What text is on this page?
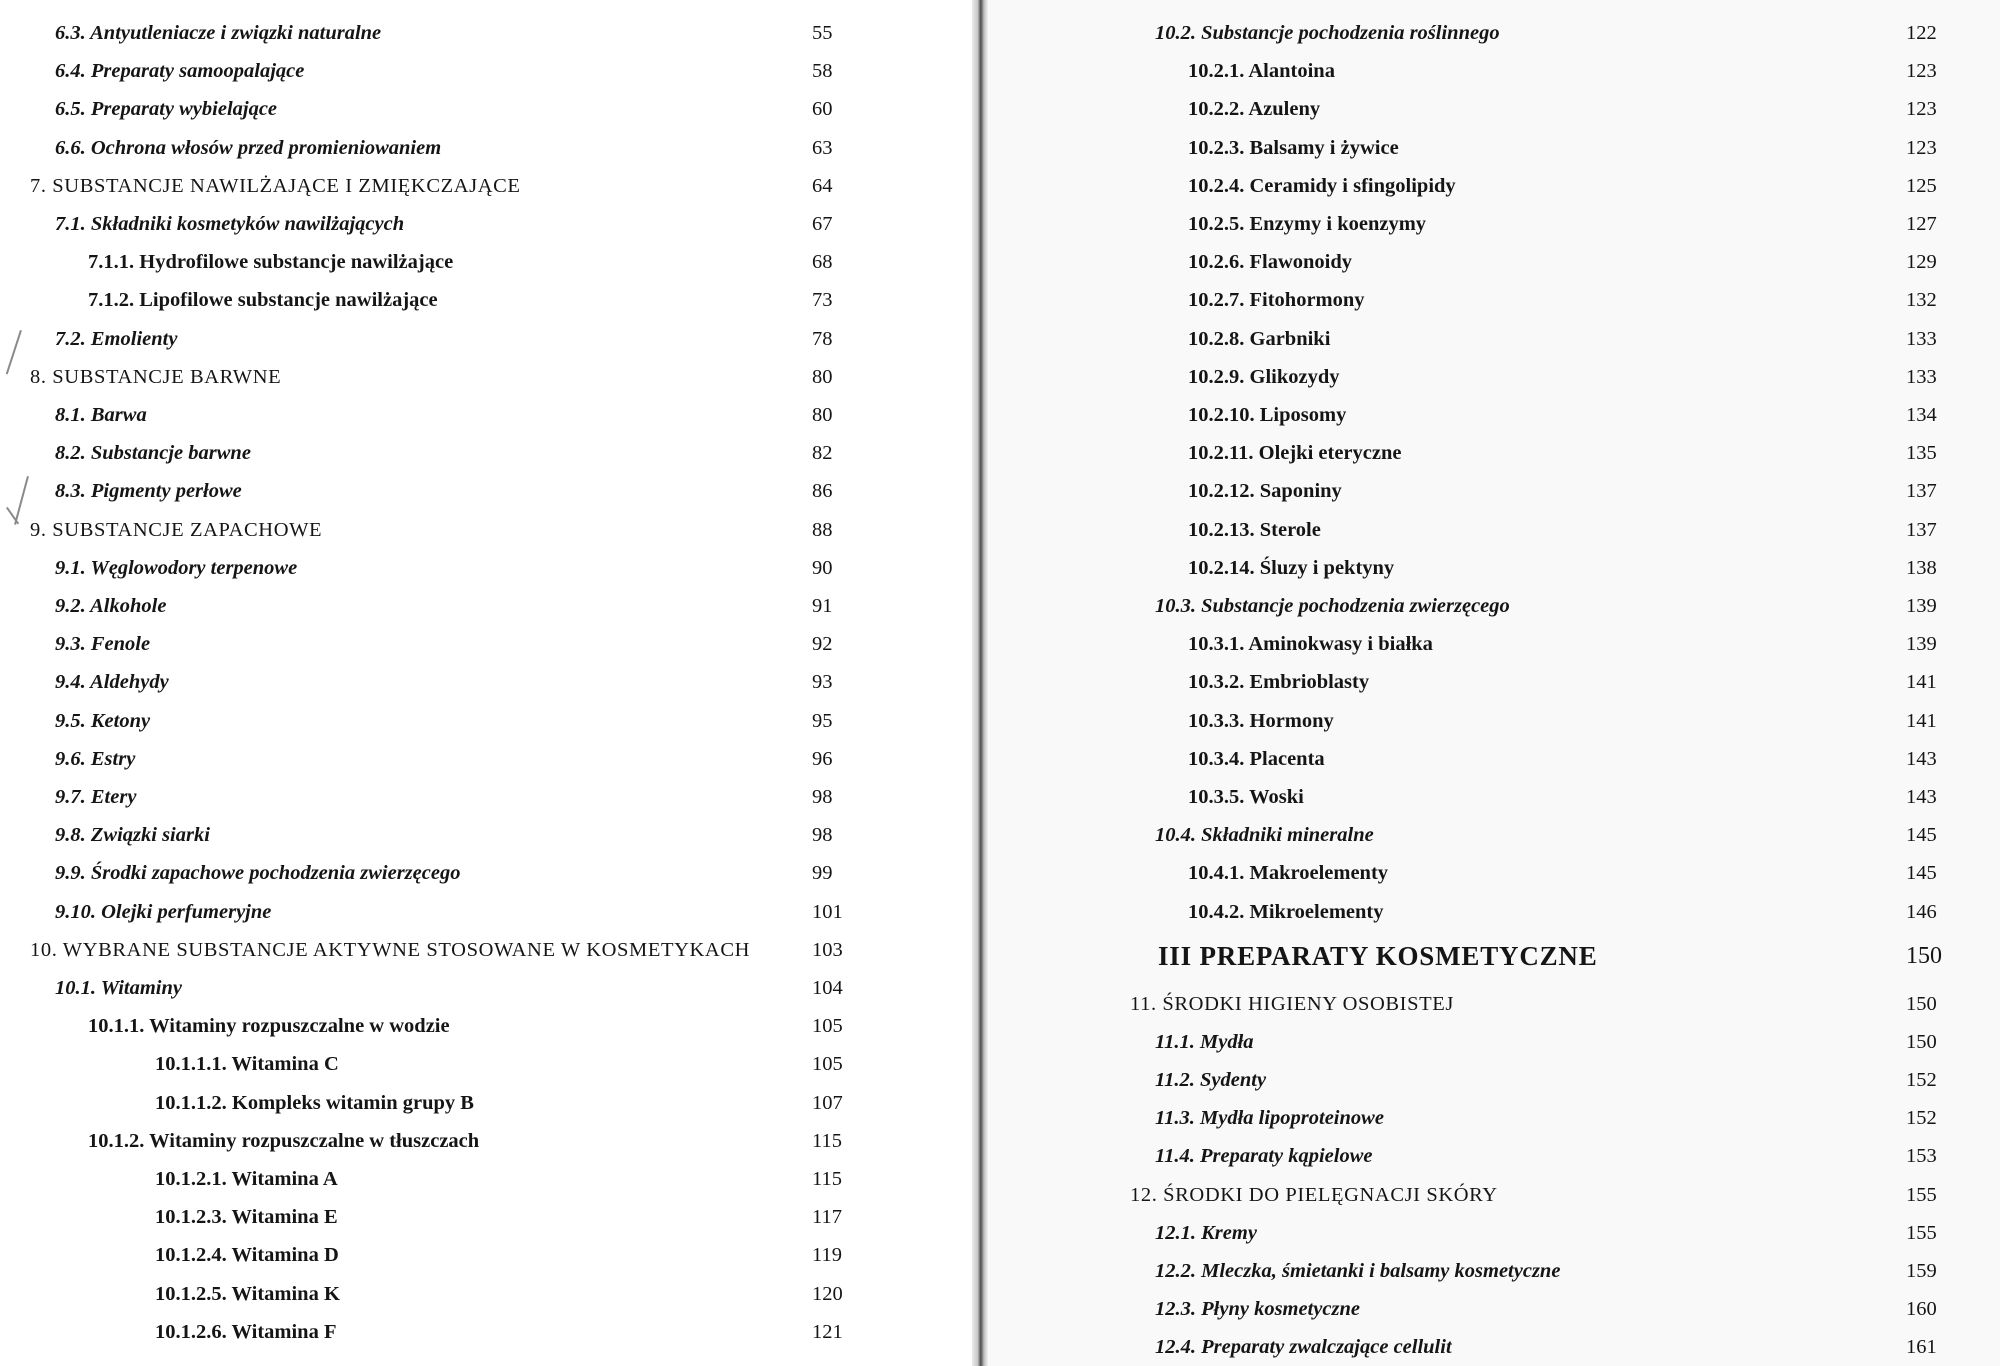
6.3. Antyutleniacze i związki naturalne	55
6.4. Preparaty samoopalające	58
6.5. Preparaty wybielające	60
6.6. Ochrona włosów przed promieniowaniem	63
7. SUBSTANCJE NAWILŻAJĄCE I ZMIĘKCZAJĄCE	64
7.1. Składniki kosmetyków nawilżających	67
7.1.1. Hydrofilowe substancje nawilżające	68
7.1.2. Lipofilowe substancje nawilżające	73
7.2. Emolienty	78
8. SUBSTANCJE BARWNE	80
8.1. Barwa	80
8.2. Substancje barwne	82
8.3. Pigmenty perłowe	86
9. SUBSTANCJE ZAPACHOWE	88
9.1. Węglowodory terpenowe	90
9.2. Alkohole	91
9.3. Fenole	92
9.4. Aldehydy	93
9.5. Ketony	95
9.6. Estry	96
9.7. Etery	98
9.8. Związki siarki	98
9.9. Środki zapachowe pochodzenia zwierzęcego	99
9.10. Olejki perfumeryjne	101
10. WYBRANE SUBSTANCJE AKTYWNE STOSOWANE W KOSMETYKACH	103
10.1. Witaminy	104
10.1.1. Witaminy rozpuszczalne w wodzie	105
10.1.1.1. Witamina C	105
10.1.1.2. Kompleks witamin grupy B	107
10.1.2. Witaminy rozpuszczalne w tłuszczach	115
10.1.2.1. Witamina A	115
10.1.2.3. Witamina E	117
10.1.2.4. Witamina D	119
10.1.2.5. Witamina K	120
10.1.2.6. Witamina F	121
10.2. Substancje pochodzenia roślinnego	122
10.2.1. Alantoina	123
10.2.2. Azuleny	123
10.2.3. Balsamy i żywice	123
10.2.4. Ceramidy i sfingolipidy	125
10.2.5. Enzymy i koenzymy	127
10.2.6. Flawonoidy	129
10.2.7. Fitohormony	132
10.2.8. Garbniki	133
10.2.9. Glikozydy	133
10.2.10. Liposomy	134
10.2.11. Olejki eteryczne	135
10.2.12. Saponiny	137
10.2.13. Sterole	137
10.2.14. Śluzy i pektyny	138
10.3. Substancje pochodzenia zwierzęcego	139
10.3.1. Aminokwasy i białka	139
10.3.2. Embrioblasty	141
10.3.3. Hormony	141
10.3.4. Placenta	143
10.3.5. Woski	143
10.4. Składniki mineralne	145
10.4.1. Makroelementy	145
10.4.2. Mikroelementy	146
III PREPARATY KOSMETYCZNE	150
11. ŚRODKI HIGIENY OSOBISTEJ	150
11.1. Mydła	150
11.2. Sydenty	152
11.3. Mydła lipoproteinowe	152
11.4. Preparaty kąpielowe	153
12. ŚRODKI DO PIELĘGNACJI SKÓRY	155
12.1. Kremy	155
12.2. Mleczka, śmietanki i balsamy kosmetyczne	159
12.3. Płyny kosmetyczne	160
12.4. Preparaty zwalczające cellulit	161
